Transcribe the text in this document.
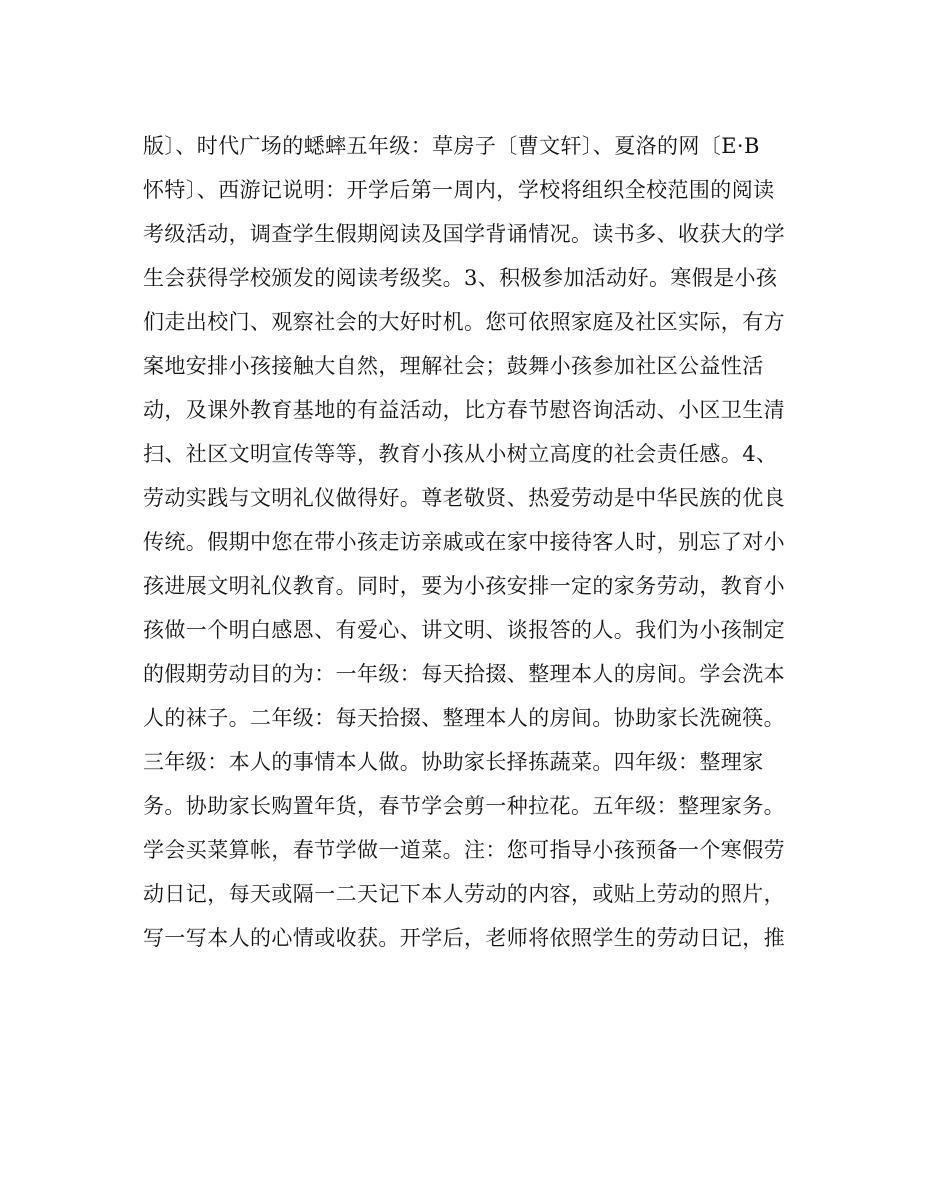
版〕、时代广场的蟋蟀五年级：草房子〔曹文轩〕、夏洛的网〔E·B
怀特〕、西游记说明：开学后第一周内，学校将组织全校范围的阅读
考级活动，调查学生假期阅读及国学背诵情况。读书多、收获大的学
生会获得学校颁发的阅读考级奖。3、积极参加活动好。寒假是小孩
们走出校门、观察社会的大好时机。您可依照家庭及社区实际，有方
案地安排小孩接触大自然，理解社会；鼓舞小孩参加社区公益性活
动，及课外教育基地的有益活动，比方春节慰咨询活动、小区卫生清
扫、社区文明宣传等等，教育小孩从小树立高度的社会责任感。4、
劳动实践与文明礼仪做得好。尊老敬贤、热爱劳动是中华民族的优良
传统。假期中您在带小孩走访亲戚或在家中接待客人时，别忘了对小
孩进展文明礼仪教育。同时，要为小孩安排一定的家务劳动，教育小
孩做一个明白感恩、有爱心、讲文明、谈报答的人。我们为小孩制定
的假期劳动目的为：一年级：每天拾掇、整理本人的房间。学会洗本
人的袜子。二年级：每天拾掇、整理本人的房间。协助家长洗碗筷。
三年级：本人的事情本人做。协助家长择拣蔬菜。四年级：整理家
务。协助家长购置年货，春节学会剪一种拉花。五年级：整理家务。
学会买菜算帐，春节学做一道菜。注：您可指导小孩预备一个寒假劳
动日记，每天或隔一二天记下本人劳动的内容，或贴上劳动的照片，
写一写本人的心情或收获。开学后，老师将依照学生的劳动日记，推
